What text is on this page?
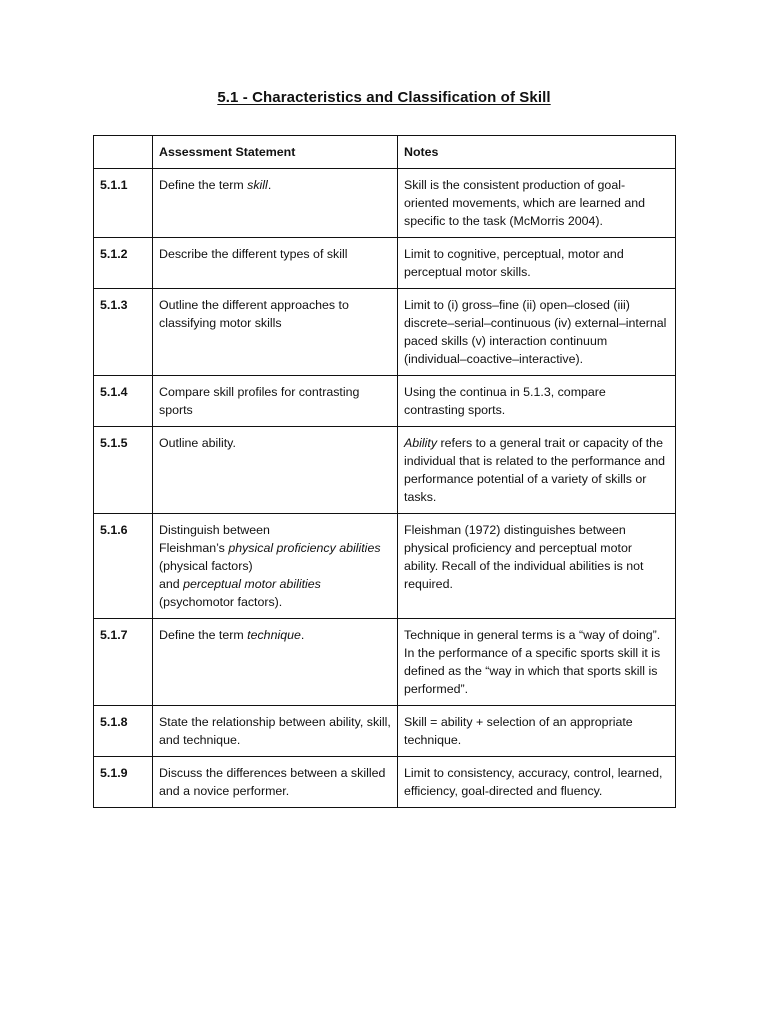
5.1 - Characteristics and Classification of Skill
	Assessment Statement	Notes
5.1.1	Define the term skill.	Skill is the consistent production of goal-oriented movements, which are learned and specific to the task (McMorris 2004).
5.1.2	Describe the different types of skill	Limit to cognitive, perceptual, motor and perceptual motor skills.
5.1.3	Outline the different approaches to classifying motor skills	Limit to (i) gross–fine (ii) open–closed (iii) discrete–serial–continuous (iv) external–internal paced skills (v) interaction continuum (individual–coactive–interactive).
5.1.4	Compare skill profiles for contrasting sports	Using the continua in 5.1.3, compare contrasting sports.
5.1.5	Outline ability.	Ability refers to a general trait or capacity of the individual that is related to the performance and performance potential of a variety of skills or tasks.
5.1.6	Distinguish between
Fleishman’s physical proficiency abilities (physical factors)
and perceptual motor abilities (psychomotor factors).	Fleishman (1972) distinguishes between physical proficiency and perceptual motor ability. Recall of the individual abilities is not required.
5.1.7	Define the term technique.	Technique in general terms is a “way of doing”. In the performance of a specific sports skill it is defined as the “way in which that sports skill is performed”.
5.1.8	State the relationship between ability, skill, and technique.	Skill = ability + selection of an appropriate technique.
5.1.9	Discuss the differences between a skilled and a novice performer.	Limit to consistency, accuracy, control, learned, efficiency, goal-directed and fluency.
